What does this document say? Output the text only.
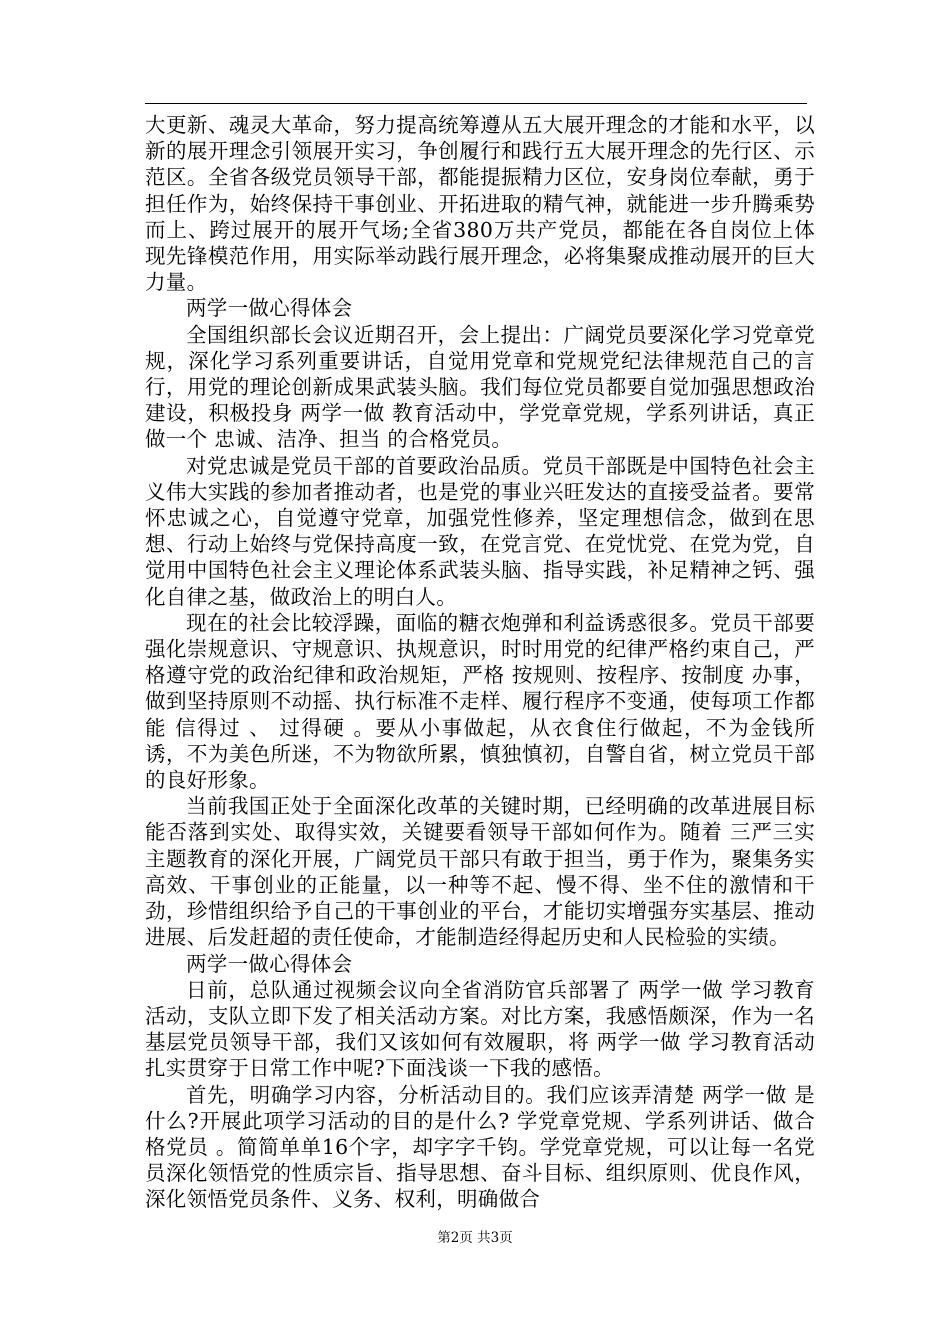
大更新、魂灵大革命，努力提高统筹遵从五大展开理念的才能和水平，以新的展开理念引领展开实习，争创履行和践行五大展开理念的先行区、示范区。全省各级党员领导干部，都能提振精力区位，安身岗位奉献，勇于担任作为，始终保持干事创业、开拓进取的精气神，就能进一步升腾乘势而上、跨过展开的展开气场;全省380万共产党员，都能在各自岗位上体现先锋模范作用，用实际举动践行展开理念，必将集聚成推动展开的巨大力量。

两学一做心得体会

全国组织部长会议近期召开，会上提出：广阔党员要深化学习党章党规，深化学习系列重要讲话，自觉用党章和党规党纪法律规范自己的言行，用党的理论创新成果武装头脑。我们每位党员都要自觉加强思想政治建设，积极投身 两学一做 教育活动中，学党章党规，学系列讲话，真正做一个 忠诚、洁净、担当 的合格党员。

对党忠诚是党员干部的首要政治品质。党员干部既是中国特色社会主义伟大实践的参加者推动者，也是党的事业兴旺发达的直接受益者。要常怀忠诚之心，自觉遵守党章，加强党性修养，坚定理想信念，做到在思想、行动上始终与党保持高度一致，在党言党、在党忧党、在党为党，自觉用中国特色社会主义理论体系武装头脑、指导实践，补足精神之钙、强化自律之基，做政治上的明白人。

现在的社会比较浮躁，面临的糖衣炮弹和利益诱惑很多。党员干部要强化崇规意识、守规意识、执规意识，时时用党的纪律严格约束自己，严格遵守党的政治纪律和政治规矩，严格 按规则、按程序、按制度 办事，做到坚持原则不动摇、执行标准不走样、履行程序不变通，使每项工作都能 信得过 、 过得硬 。要从小事做起，从衣食住行做起，不为金钱所诱，不为美色所迷，不为物欲所累，慎独慎初，自警自省，树立党员干部的良好形象。

当前我国正处于全面深化改革的关键时期，已经明确的改革进展目标能否落到实处、取得实效，关键要看领导干部如何作为。随着 三严三实 主题教育的深化开展，广阔党员干部只有敢于担当，勇于作为，聚集务实高效、干事创业的正能量，以一种等不起、慢不得、坐不住的激情和干劲，珍惜组织给予自己的干事创业的平台，才能切实增强夯实基层、推动进展、后发赶超的责任使命，才能制造经得起历史和人民检验的实绩。

两学一做心得体会

日前，总队通过视频会议向全省消防官兵部署了 两学一做 学习教育活动，支队立即下发了相关活动方案。对比方案，我感悟颇深，作为一名基层党员领导干部，我们又该如何有效履职，将 两学一做 学习教育活动扎实贯穿于日常工作中呢?下面浅谈一下我的感悟。

首先，明确学习内容，分析活动目的。我们应该弄清楚 两学一做 是什么?开展此项学习活动的目的是什么? 学党章党规、学系列讲话、做合格党员 。简简单单16个字，却字字千钧。学党章党规，可以让每一名党员深化领悟党的性质宗旨、指导思想、奋斗目标、组织原则、优良作风，深化领悟党员条件、义务、权利，明确做合

第2页 共3页
